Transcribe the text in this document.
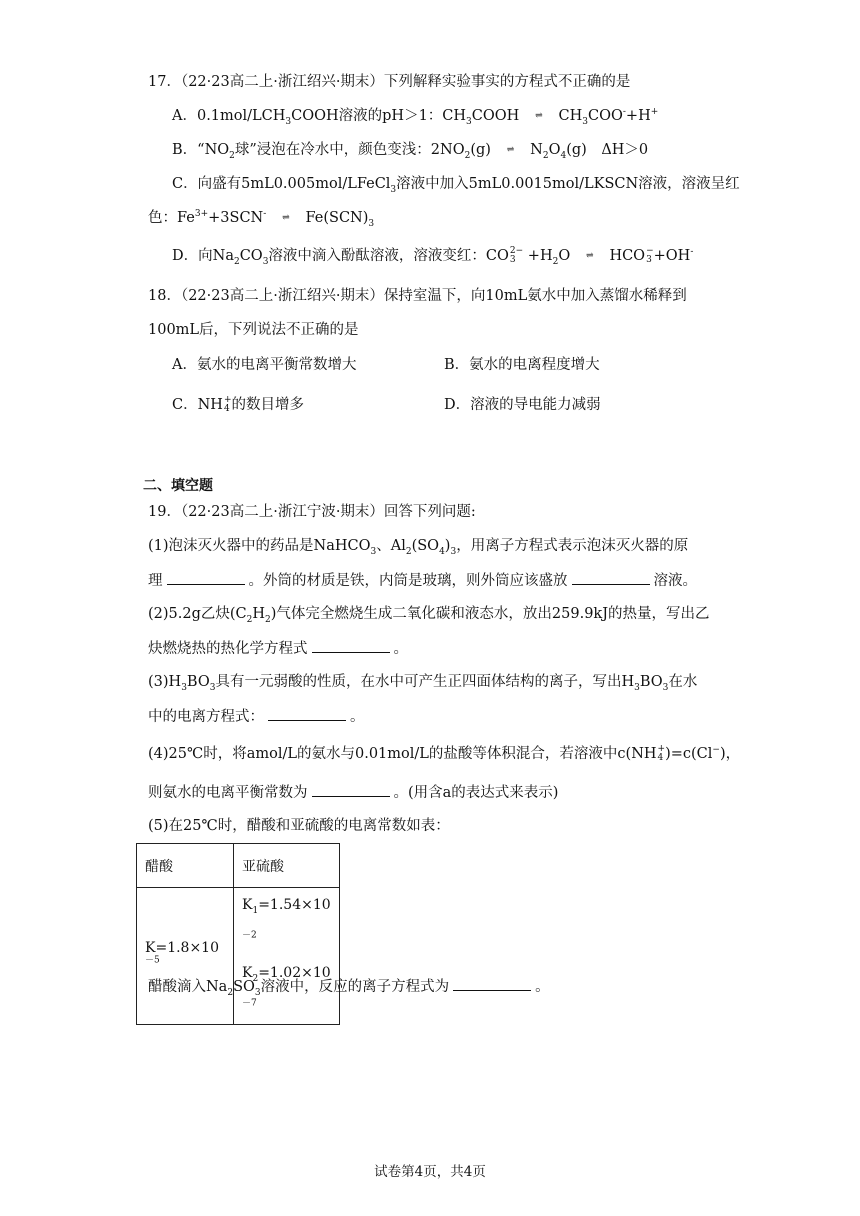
17．（22·23高二上·浙江绍兴·期末）下列解释实验事实的方程式不正确的是
A．$0.1mol/LCH_3COOH$溶液的pH＞1：$CH_3COOH$ ⇌ $CH_3COO^-+H^+$
B．“$NO_2$球”浸泡在冷水中，颜色变浅：$2NO_2(g)$ ⇌ $N_2O_4(g)$　ΔH＞0
C．向盛有5mL0.005mol/LFeCl$_3$溶液中加入5mL0.0015mol/LKSCN溶液，溶液呈红
色：$Fe^{3+}+3SCN^-$ ⇌ $Fe(SCN)_3$
D．向$Na_2CO_3$溶液中滴入酚酞溶液，溶液变红：CO 2−
$3 +H_2O$ ⇌ HCO −
3 +OH-
18．（22·23高二上·浙江绍兴·期末）保持室温下，向10mL氨水中加入蒸馏水稀释到
100mL后，下列说法不正确的是
A．氨水的电离平衡常数增大	B．氨水的电离程度增大
C．NH +
4 的数目增多	D．溶液的导电能力减弱
二、填空题
19．（22·23高二上·浙江宁波·期末）回答下列问题:
(1)泡沫灭火器中的药品是NaHCO$_3$、$Al_2(SO_4)_3$，用离子方程式表示泡沫灭火器的原
理	。外筒的材质是铁，内筒是玻璃，则外筒应该盛放	溶液。
(2)5.2g乙炔$(C_2H_2)$气体完全燃烧生成二氧化碳和液态水，放出259.9kJ的热量，写出乙
炔燃烧热的热化学方程式	。
$(3)H_3BO_3$具有一元弱酸的性质，在水中可产生正四面体结构的离子，写出$H_3BO_3$在水
中的电离方程式：	。
(4)25℃时，将amol/L的氨水与0.01mol/L的盐酸等体积混合，若溶液中c(NH +
4 )=c(Cl−)，
则氨水的电离平衡常数为	。(用含a的表达式来表示)
(5)在25℃时，醋酸和亚硫酸的电离常数如表：
醋酸	亚硫酸
$K=1.8\times 10^{-5}$	$K_1=1.54\times 10^{-2}$
$K_2=1.02\times 10^{-7}$
醋酸滴入$Na_2SO_3$溶液中，反应的离子方程式为	。
试卷第4页，共4页
